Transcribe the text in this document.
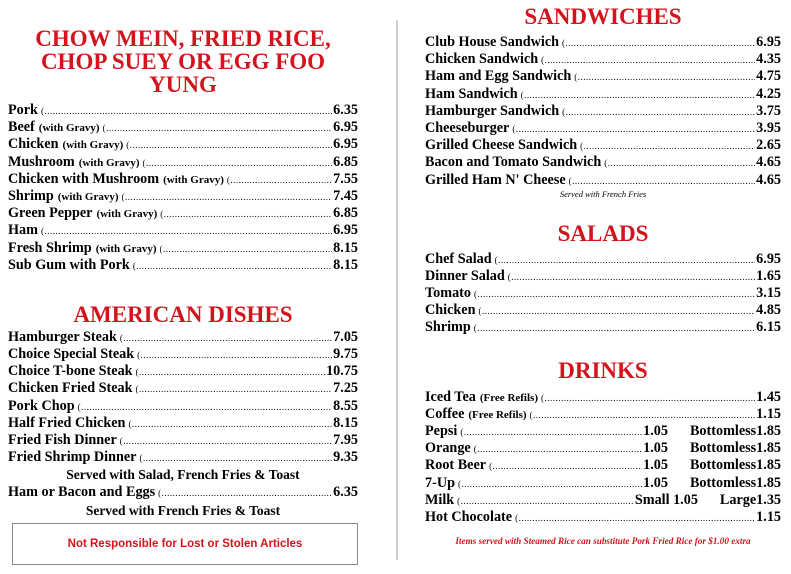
CHOW MEIN, FRIED RICE,
CHOP SUEY OR EGG FOO YUNG
Pork (..........................................................................................................................................................................	6.35
Beef (with Gravy) (..........................................................................................................................................................................	6.95
Chicken (with Gravy) (..........................................................................................................................................................................	6.95
Mushroom (with Gravy) (..........................................................................................................................................................................	6.85
Chicken with Mushroom (with Gravy) (..........................................................................................................................................................................	7.55
Shrimp (with Gravy) (..........................................................................................................................................................................	7.45
Green Pepper (with Gravy) (..........................................................................................................................................................................	6.85
Ham (..........................................................................................................................................................................	6.95
Fresh Shrimp (with Gravy) (..........................................................................................................................................................................	8.15
Sub Gum with Pork (..........................................................................................................................................................................	8.15
AMERICAN DISHES
Hamburger Steak (..........................................................................................................................................................................	7.05
Choice Special Steak (..........................................................................................................................................................................	9.75
Choice T-bone Steak (..........................................................................................................................................................................	10.75
Chicken Fried Steak (..........................................................................................................................................................................	7.25
Pork Chop (..........................................................................................................................................................................	8.55
Half Fried Chicken (..........................................................................................................................................................................	8.15
Fried Fish Dinner (..........................................................................................................................................................................	7.95
Fried Shrimp Dinner (..........................................................................................................................................................................	9.35
Served with Salad, French Fries & Toast
Ham or Bacon and Eggs (..........................................................................................................................................................................	6.35
Served with French Fries & Toast
Not Responsible for Lost or Stolen Articles
SANDWICHES
Club House Sandwich (..........................................................................................................................................................................	6.95
Chicken Sandwich (..........................................................................................................................................................................	4.35
Ham and Egg Sandwich (..........................................................................................................................................................................	4.75
Ham Sandwich (..........................................................................................................................................................................	4.25
Hamburger Sandwich (..........................................................................................................................................................................	3.75
Cheeseburger (..........................................................................................................................................................................	3.95
Grilled Cheese Sandwich (..........................................................................................................................................................................	2.65
Bacon and Tomato Sandwich (..........................................................................................................................................................................	4.65
Grilled Ham N' Cheese (..........................................................................................................................................................................	4.65
Served with French Fries
SALADS
Chef Salad (..........................................................................................................................................................................	6.95
Dinner Salad (..........................................................................................................................................................................	1.65
Tomato (..........................................................................................................................................................................	3.15
Chicken (..........................................................................................................................................................................	4.85
Shrimp (..........................................................................................................................................................................	6.15
DRINKS
Iced Tea (Free Refils) (..........................................................................................................................................................................	1.45
Coffee (Free Refils) (..........................................................................................................................................................................	1.15
Pepsi (..........................................................................................................................................................................	1.05 Bottomless 1.85
Orange (..........................................................................................................................................................................	1.05 Bottomless 1.85
Root Beer (..........................................................................................................................................................................	1.05 Bottomless 1.85
7-Up (..........................................................................................................................................................................	1.05 Bottomless 1.85
Milk (..........................................................................................................................................................................	Small 1.05 Large 1.35
Hot Chocolate (..........................................................................................................................................................................	1.15
Items served with Steamed Rice can substitute Pork Fried Rice for $1.00 extra
